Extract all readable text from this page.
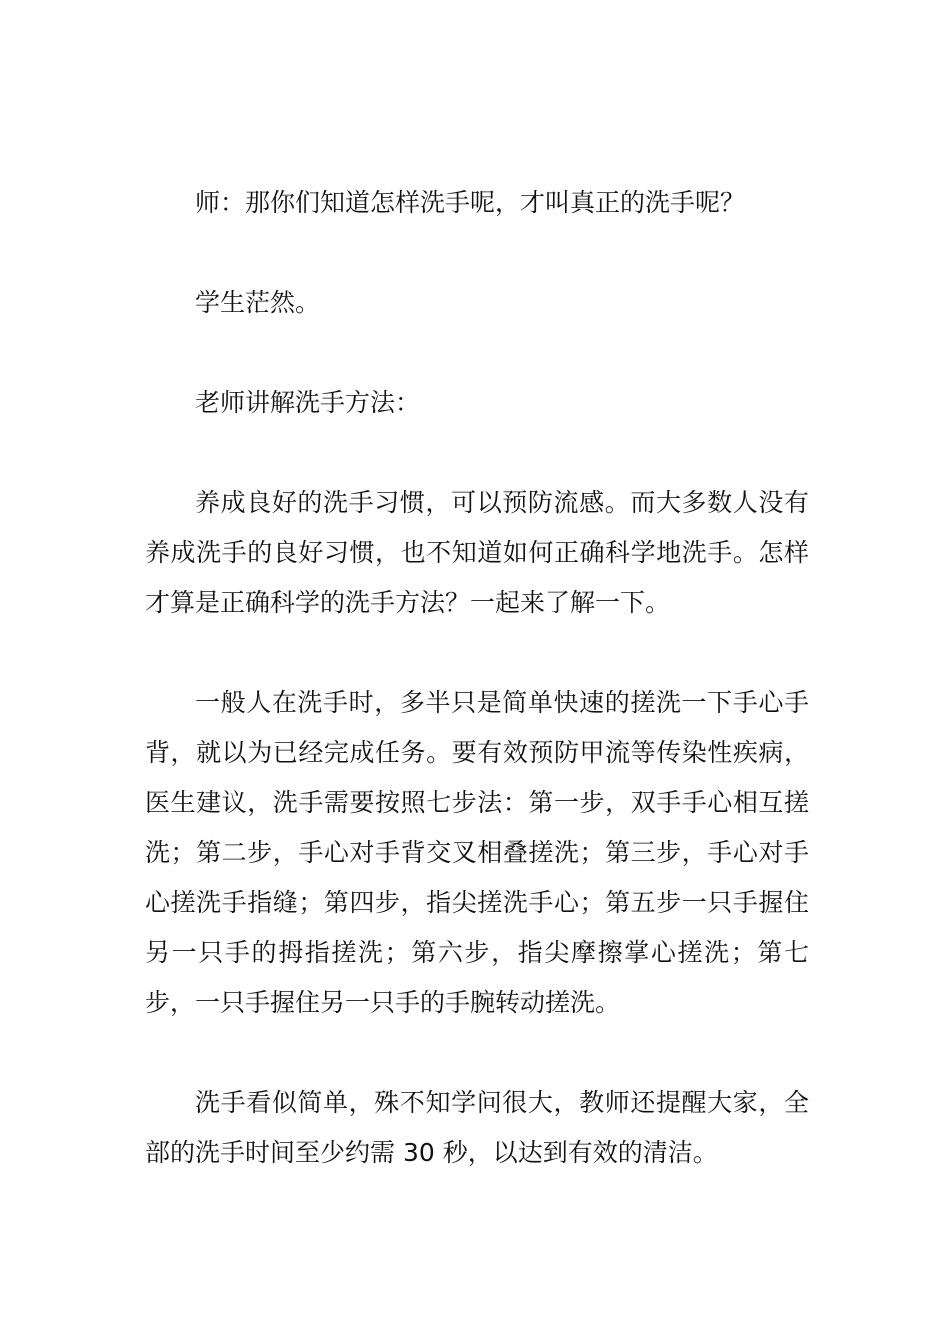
师：那你们知道怎样洗手呢，才叫真正的洗手呢？

学生茫然。

老师讲解洗手方法：

养成良好的洗手习惯，可以预防流感。而大多数人没有养成洗手的良好习惯，也不知道如何正确科学地洗手。怎样才算是正确科学的洗手方法？一起来了解一下。

一般人在洗手时，多半只是简单快速的搓洗一下手心手背，就以为已经完成任务。要有效预防甲流等传染性疾病，医生建议，洗手需要按照七步法：第一步，双手手心相互搓洗；第二步，手心对手背交叉相叠搓洗；第三步，手心对手心搓洗手指缝；第四步，指尖搓洗手心；第五步一只手握住另一只手的拇指搓洗；第六步，指尖摩擦掌心搓洗；第七步，一只手握住另一只手的手腕转动搓洗。

洗手看似简单，殊不知学问很大，教师还提醒大家，全部的洗手时间至少约需 30 秒，以达到有效的清洁。
